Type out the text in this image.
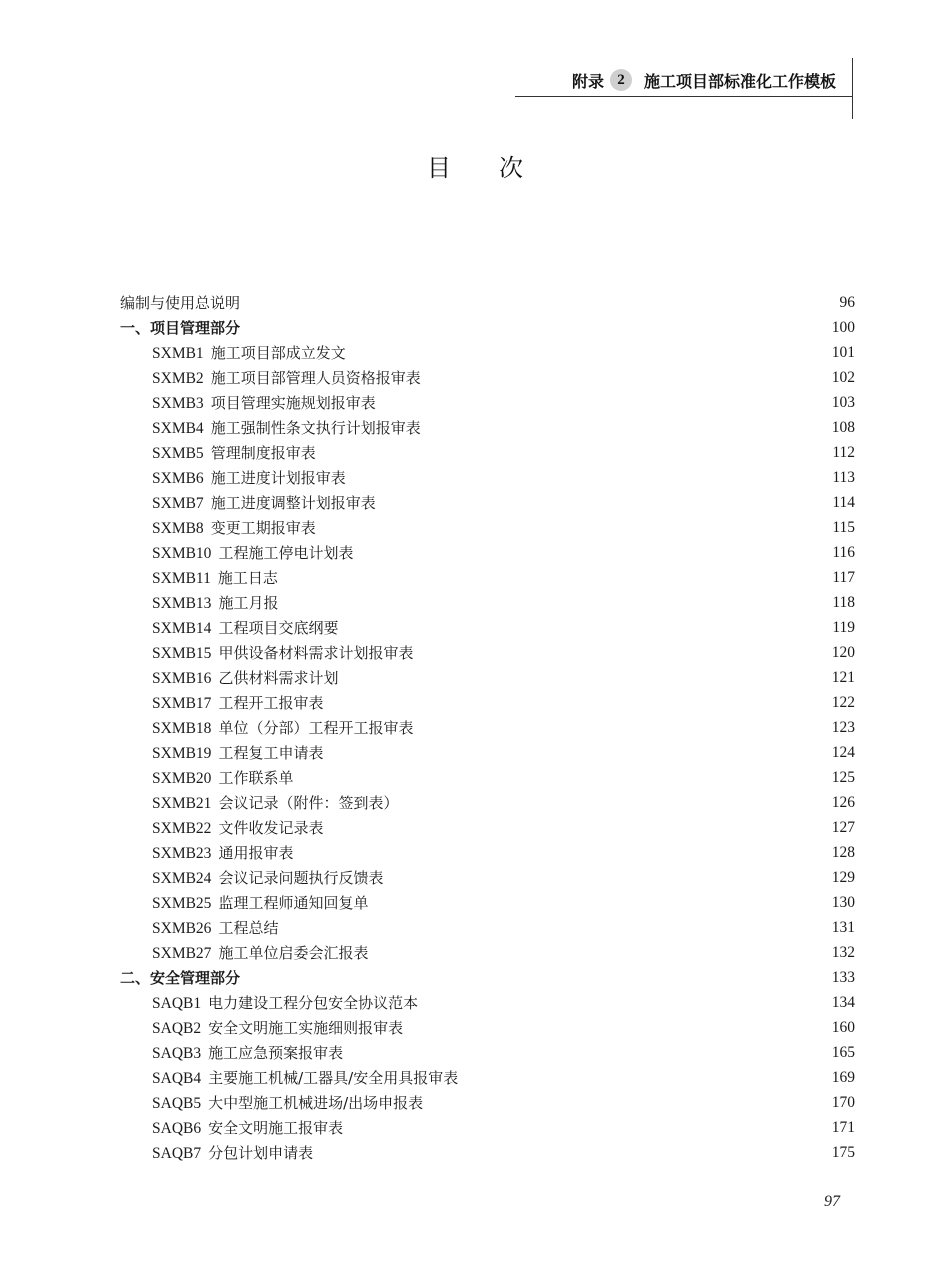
附录 2	施工项目部标准化工作模板
目次
编制与使用总说明	96
一、项目管理部分	100
SXMB1 施工项目部成立发文	101
SXMB2 施工项目部管理人员资格报审表	102
SXMB3 项目管理实施规划报审表	103
SXMB4 施工强制性条文执行计划报审表	108
SXMB5 管理制度报审表	112
SXMB6 施工进度计划报审表	113
SXMB7 施工进度调整计划报审表	114
SXMB8 变更工期报审表	115
SXMB10 工程施工停电计划表	116
SXMB11 施工日志	117
SXMB13 施工月报	118
SXMB14 工程项目交底纲要	119
SXMB15 甲供设备材料需求计划报审表	120
SXMB16 乙供材料需求计划	121
SXMB17 工程开工报审表	122
SXMB18 单位（分部）工程开工报审表	123
SXMB19 工程复工申请表	124
SXMB20 工作联系单	125
SXMB21 会议记录（附件：签到表）	126
SXMB22 文件收发记录表	127
SXMB23 通用报审表	128
SXMB24 会议记录问题执行反馈表	129
SXMB25 监理工程师通知回复单	130
SXMB26 工程总结	131
SXMB27 施工单位启委会汇报表	132
二、安全管理部分	133
SAQB1 电力建设工程分包安全协议范本	134
SAQB2 安全文明施工实施细则报审表	160
SAQB3 施工应急预案报审表	165
SAQB4 主要施工机械/工器具/安全用具报审表	169
SAQB5 大中型施工机械进场/出场申报表	170
SAQB6 安全文明施工报审表	171
SAQB7 分包计划申请表	175
97
